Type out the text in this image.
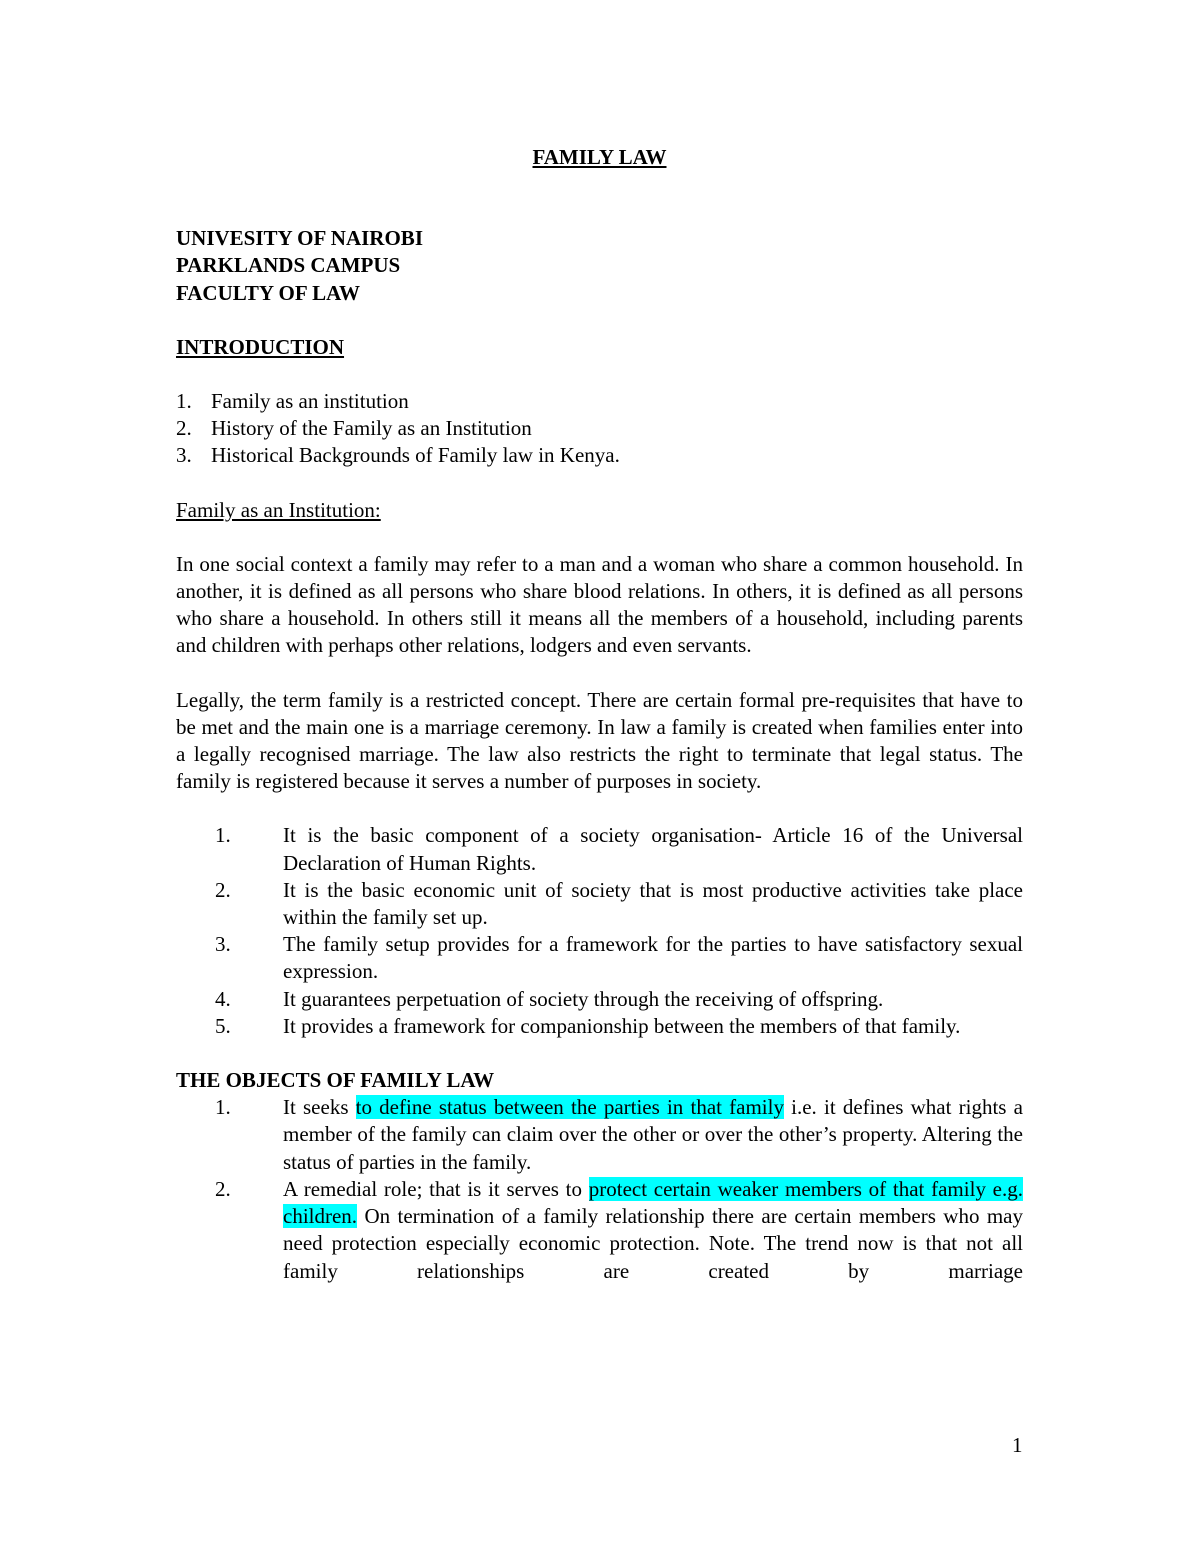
FAMILY LAW

UNIVESITY OF NAIROBI

PARKLANDS CAMPUS

FACULTY OF LAW

INTRODUCTION

1. Family as an institution
2. History of the Family as an Institution
3. Historical Backgrounds of Family law in Kenya.

Family as an Institution:

In one social context a family may refer to a man and a woman who share a common household. In another, it is defined as all persons who share blood relations. In others, it is defined as all persons who share a household. In others still it means all the members of a household, including parents and children with perhaps other relations, lodgers and even servants.

Legally, the term family is a restricted concept. There are certain formal pre-requisites that have to be met and the main one is a marriage ceremony. In law a family is created when families enter into a legally recognised marriage. The law also restricts the right to terminate that legal status. The family is registered because it serves a number of purposes in society.

1.	It is the basic component of a society organisation- Article 16 of the Universal Declaration of Human Rights.
2.	It is the basic economic unit of society that is most productive activities take place within the family set up.
3.	The family setup provides for a framework for the parties to have satisfactory sexual expression.
4.	It guarantees perpetuation of society through the receiving of offspring.
5.	It provides a framework for companionship between the members of that family.

THE OBJECTS OF FAMILY LAW

1.	It seeks to define status between the parties in that family i.e. it defines what rights a member of the family can claim over the other or over the other’s property. Altering the status of parties in the family.
2.	A remedial role; that is it serves to protect certain weaker members of that family e.g. children. On termination of a family relationship there are certain members who may need protection especially economic protection. Note. The trend now is that not all family relationships are created by marriage
1
